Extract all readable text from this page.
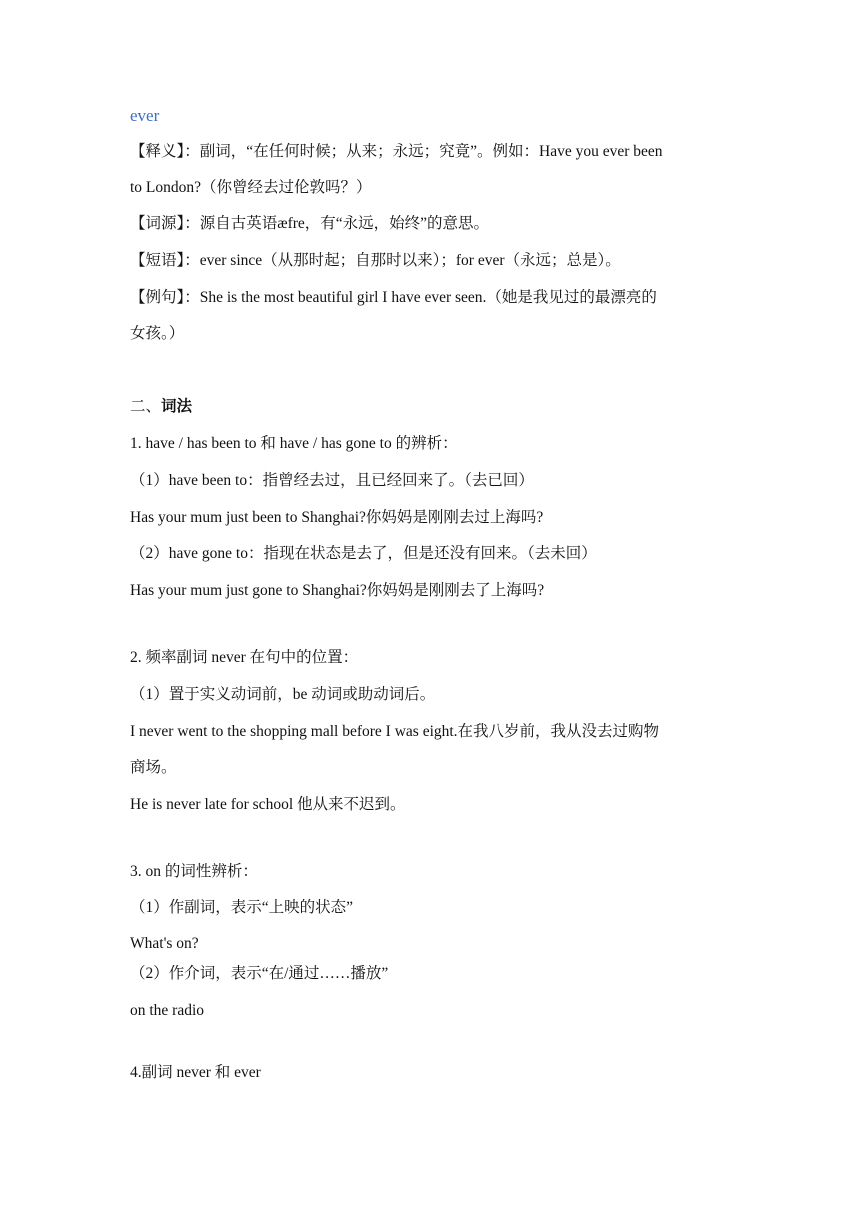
ever
【释义】：副词，“在任何时候；从来；永远；究竟”。例如：Have you ever been
to London?（你曾经去过伦敦吗？）
【词源】：源自古英语æfre，有“永远，始终”的意思。
【短语】：ever since（从那时起；自那时以来）；for ever（永远；总是）。
【例句】：She is the most beautiful girl I have ever seen.（她是我见过的最漂亮的
女孩。）
二、词法
1. have / has been to 和 have / has gone to 的辨析：
（1）have been to：指曾经去过，且已经回来了。（去已回）
Has your mum just been to Shanghai?你妈妈是刚刚去过上海吗?
（2）have gone to：指现在状态是去了，但是还没有回来。（去未回）
Has your mum just gone to Shanghai?你妈妈是刚刚去了上海吗?
2. 频率副词 never 在句中的位置：
（1）置于实义动词前，be 动词或助动词后。
I never went to the shopping mall before I was eight.在我八岁前，我从没去过购物
商场。
He is never late for school 他从来不迟到。
3. on 的词性辨析：
（1）作副词，表示“上映的状态”
What's on?
（2）作介词，表示“在/通过……播放”
on the radio
4.副词 never 和 ever
